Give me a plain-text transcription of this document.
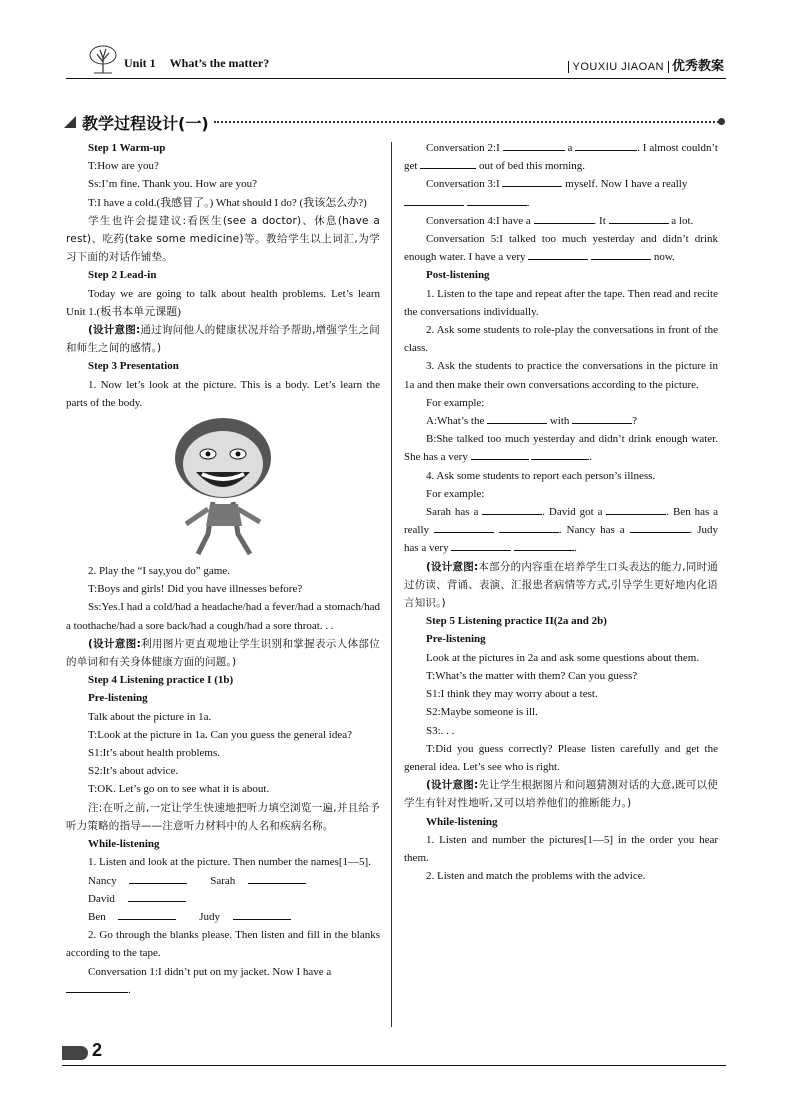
Unit 1 What’s the matter?	YOUXIU JIAOAN 优秀教案
教学过程设计(一)

Step 1 Warm-up

T:How are you?

Ss:I’m fine. Thank you. How are you?

T:I have a cold.(我感冒了。) What should I do? (我该怎么办?)

学生也许会提建议:看医生(see a doctor)、休息(have a rest)、吃药(take some medicine)等。教给学生以上词汇,为学习下面的对话作铺垫。

Step 2 Lead-in

Today we are going to talk about health problems. Let’s learn Unit 1.(板书本单元课题)

(设计意图:通过询问他人的健康状况并给予帮助,增强学生之间和师生之间的感情。)

Step 3 Presentation

1. Now let’s look at the picture. This is a body. Let’s learn the parts of the body.

2. Play the “I say,you do” game.

T:Boys and girls! Did you have illnesses before?

Ss:Yes.I had a cold/had a headache/had a fever/had a stomach/had a toothache/had a sore back/had a cough/had a sore throat. . .

(设计意图:利用图片更直观地让学生识别和掌握表示人体部位的单词和有关身体健康方面的问题。)

Step 4 Listening practice I (1b)

Pre-listening

Talk about the picture in 1a.

T:Look at the picture in 1a. Can you guess the general idea?

S1:It’s about health problems.

S2:It’s about advice.

T:OK. Let’s go on to see what it is about.

注:在听之前,一定让学生快速地把听力填空浏览一遍,并且给予听力策略的指导——注意听力材料中的人名和疾病名称。

While-listening

1. Listen and look at the picture. Then number the names[1—5].

Nancy	Sarah  David
Ben	Judy

2. Go through the blanks please. Then listen and fill in the blanks according to the tape.

Conversation 1:I didn’t put on my jacket. Now I have a
.

Conversation 2:I	a	. I almost couldn’t get	out of bed this morning.

Conversation 3:I	myself. Now I have a really
.

Conversation 4:I have a	. It	a lot.

Conversation 5:I talked too much yesterday and didn’t drink enough water. I have a very	now.

Post-listening

1. Listen to the tape and repeat after the tape. Then read and recite the conversations individually.

2. Ask some students to role-play the conversations in front of the class.

3. Ask the students to practice the conversations in the picture in 1a and then make their own conversations according to the picture.

For example:

A:What’s the	with	?

B:She talked too much yesterday and didn’t drink enough water. She has a very	.

4. Ask some students to report each person’s illness.

For example:

Sarah has a	. David got a	. Ben has a really	. Nancy has a	. Judy has a very	.

(设计意图:本部分的内容重在培养学生口头表达的能力,同时通过仿读、背诵、表演、汇报患者病情等方式,引导学生更好地内化语言知识。)

Step 5 Listening practice II(2a and 2b)

Pre-listening

Look at the pictures in 2a and ask some questions about them.

T:What’s the matter with them? Can you guess?

S1:I think they may worry about a test.

S2:Maybe someone is ill.

S3:. . .

T:Did you guess correctly? Please listen carefully and get the general idea. Let’s see who is right.

(设计意图:先让学生根据图片和问题猜测对话的大意,既可以使学生有针对性地听,又可以培养他们的推断能力。)

While-listening

1. Listen and number the pictures[1—5] in the order you hear them.

2. Listen and match the problems with the advice.

2
